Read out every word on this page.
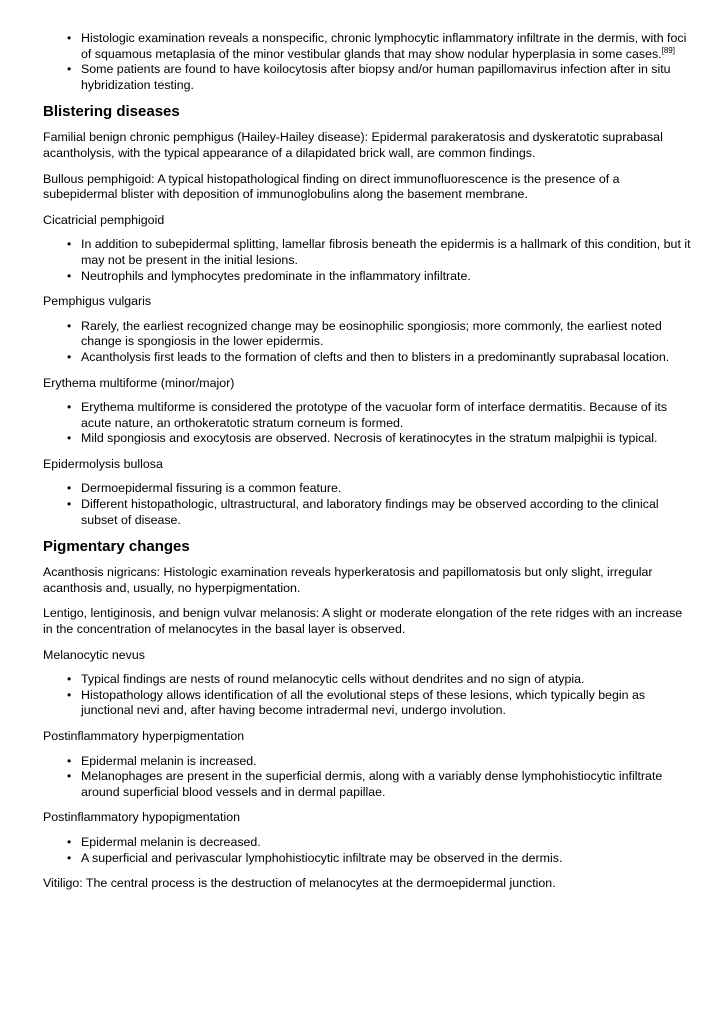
• Histologic examination reveals a nonspecific, chronic lymphocytic inflammatory infiltrate in the dermis, with foci of squamous metaplasia of the minor vestibular glands that may show nodular hyperplasia in some cases.[89]
• Some patients are found to have koilocytosis after biopsy and/or human papillomavirus infection after in situ hybridization testing.
Blistering diseases

Familial benign chronic pemphigus (Hailey-Hailey disease): Epidermal parakeratosis and dyskeratotic suprabasal acantholysis, with the typical appearance of a dilapidated brick wall, are common findings.

Bullous pemphigoid: A typical histopathological finding on direct immunofluorescence is the presence of a subepidermal blister with deposition of immunoglobulins along the basement membrane.

Cicatricial pemphigoid
• In addition to subepidermal splitting, lamellar fibrosis beneath the epidermis is a hallmark of this condition, but it may not be present in the initial lesions.
• Neutrophils and lymphocytes predominate in the inflammatory infiltrate.
Pemphigus vulgaris
• Rarely, the earliest recognized change may be eosinophilic spongiosis; more commonly, the earliest noted change is spongiosis in the lower epidermis.
• Acantholysis first leads to the formation of clefts and then to blisters in a predominantly suprabasal location.
Erythema multiforme (minor/major)
• Erythema multiforme is considered the prototype of the vacuolar form of interface dermatitis. Because of its acute nature, an orthokeratotic stratum corneum is formed.
• Mild spongiosis and exocytosis are observed. Necrosis of keratinocytes in the stratum malpighii is typical.
Epidermolysis bullosa
• Dermoepidermal fissuring is a common feature.
• Different histopathologic, ultrastructural, and laboratory findings may be observed according to the clinical subset of disease.
Pigmentary changes

Acanthosis nigricans: Histologic examination reveals hyperkeratosis and papillomatosis but only slight, irregular acanthosis and, usually, no hyperpigmentation.

Lentigo, lentiginosis, and benign vulvar melanosis: A slight or moderate elongation of the rete ridges with an increase in the concentration of melanocytes in the basal layer is observed.

Melanocytic nevus
• Typical findings are nests of round melanocytic cells without dendrites and no sign of atypia.
• Histopathology allows identification of all the evolutional steps of these lesions, which typically begin as junctional nevi and, after having become intradermal nevi, undergo involution.
Postinflammatory hyperpigmentation
• Epidermal melanin is increased.
• Melanophages are present in the superficial dermis, along with a variably dense lymphohistiocytic infiltrate around superficial blood vessels and in dermal papillae.
Postinflammatory hypopigmentation
• Epidermal melanin is decreased.
• A superficial and perivascular lymphohistiocytic infiltrate may be observed in the dermis.

Vitiligo: The central process is the destruction of melanocytes at the dermoepidermal junction.
